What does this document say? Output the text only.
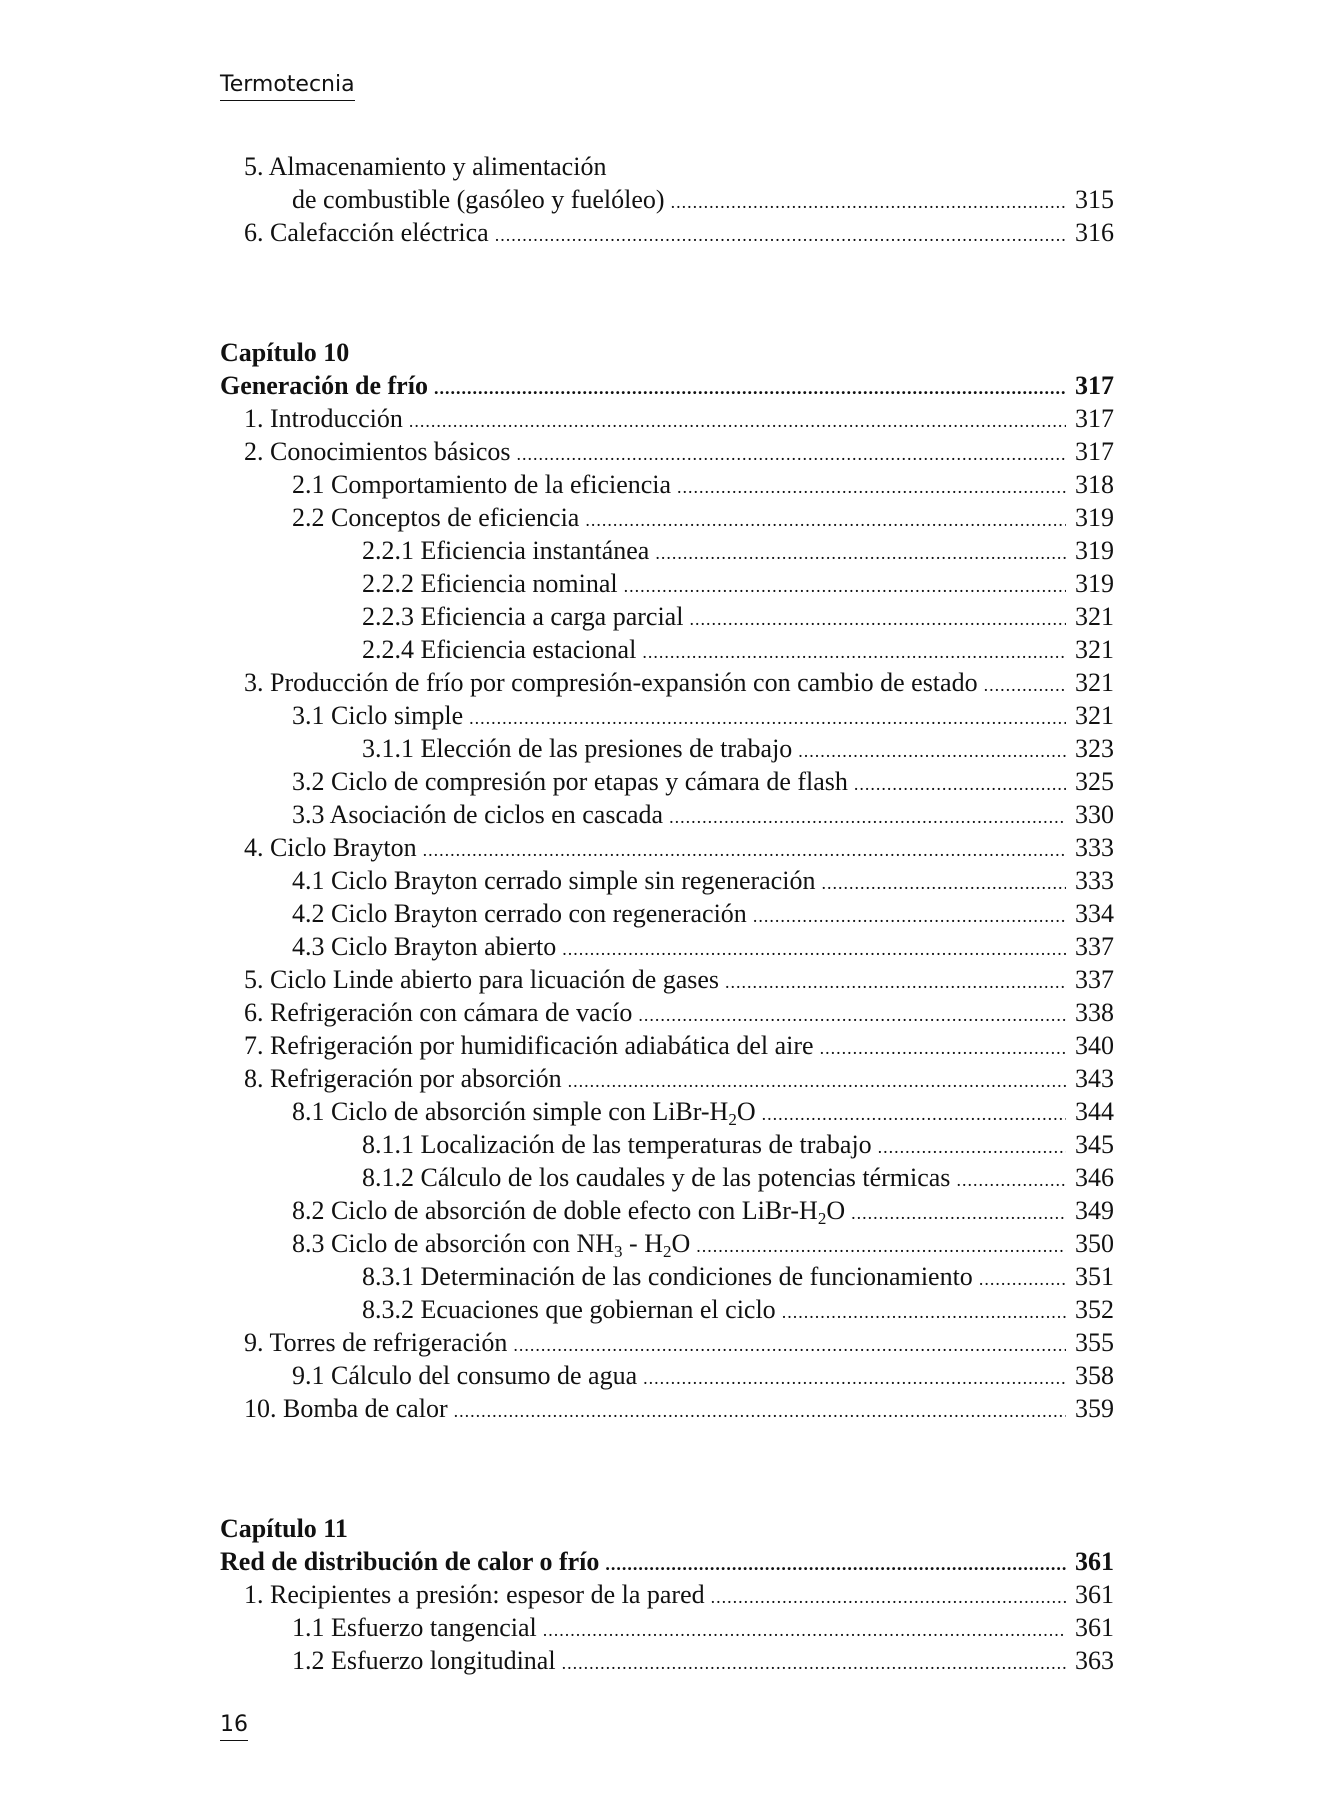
Termotecnia
5. Almacenamiento y alimentación
de combustible (gasóleo y fuelóleo) .....	315
6. Calefacción eléctrica .....	316
Capítulo 10
Generación de frío .....	317
1. Introducción .....	317
2. Conocimientos básicos .....	317
2.1 Comportamiento de la eficiencia .....	318
2.2 Conceptos de eficiencia .....	319
2.2.1 Eficiencia instantánea .....	319
2.2.2 Eficiencia nominal .....	319
2.2.3 Eficiencia a carga parcial .....	321
2.2.4 Eficiencia estacional .....	321
3. Producción de frío por compresión-expansión con cambio de estado .....	321
3.1 Ciclo simple .....	321
3.1.1 Elección de las presiones de trabajo .....	323
3.2 Ciclo de compresión por etapas y cámara de flash .....	325
3.3 Asociación de ciclos en cascada .....	330
4. Ciclo Brayton .....	333
4.1 Ciclo Brayton cerrado simple sin regeneración .....	333
4.2 Ciclo Brayton cerrado con regeneración .....	334
4.3 Ciclo Brayton abierto .....	337
5. Ciclo Linde abierto para licuación de gases .....	337
6. Refrigeración con cámara de vacío .....	338
7. Refrigeración por humidificación adiabática del aire .....	340
8. Refrigeración por absorción .....	343
8.1 Ciclo de absorción simple con LiBr-$H_2O$ .....	344
8.1.1 Localización de las temperaturas de trabajo .....	345
8.1.2 Cálculo de los caudales y de las potencias térmicas .....	346
8.2 Ciclo de absorción de doble efecto con LiBr-$H_2O$ .....	349
8.3 Ciclo de absorción con $NH_3 - H_2O$ .....	350
8.3.1 Determinación de las condiciones de funcionamiento .....	351
8.3.2 Ecuaciones que gobiernan el ciclo .....	352
9. Torres de refrigeración .....	355
9.1 Cálculo del consumo de agua .....	358
10. Bomba de calor .....	359
Capítulo 11
Red de distribución de calor o frío .....	361
1. Recipientes a presión: espesor de la pared .....	361
1.1 Esfuerzo tangencial .....	361
1.2 Esfuerzo longitudinal .....	363
16
